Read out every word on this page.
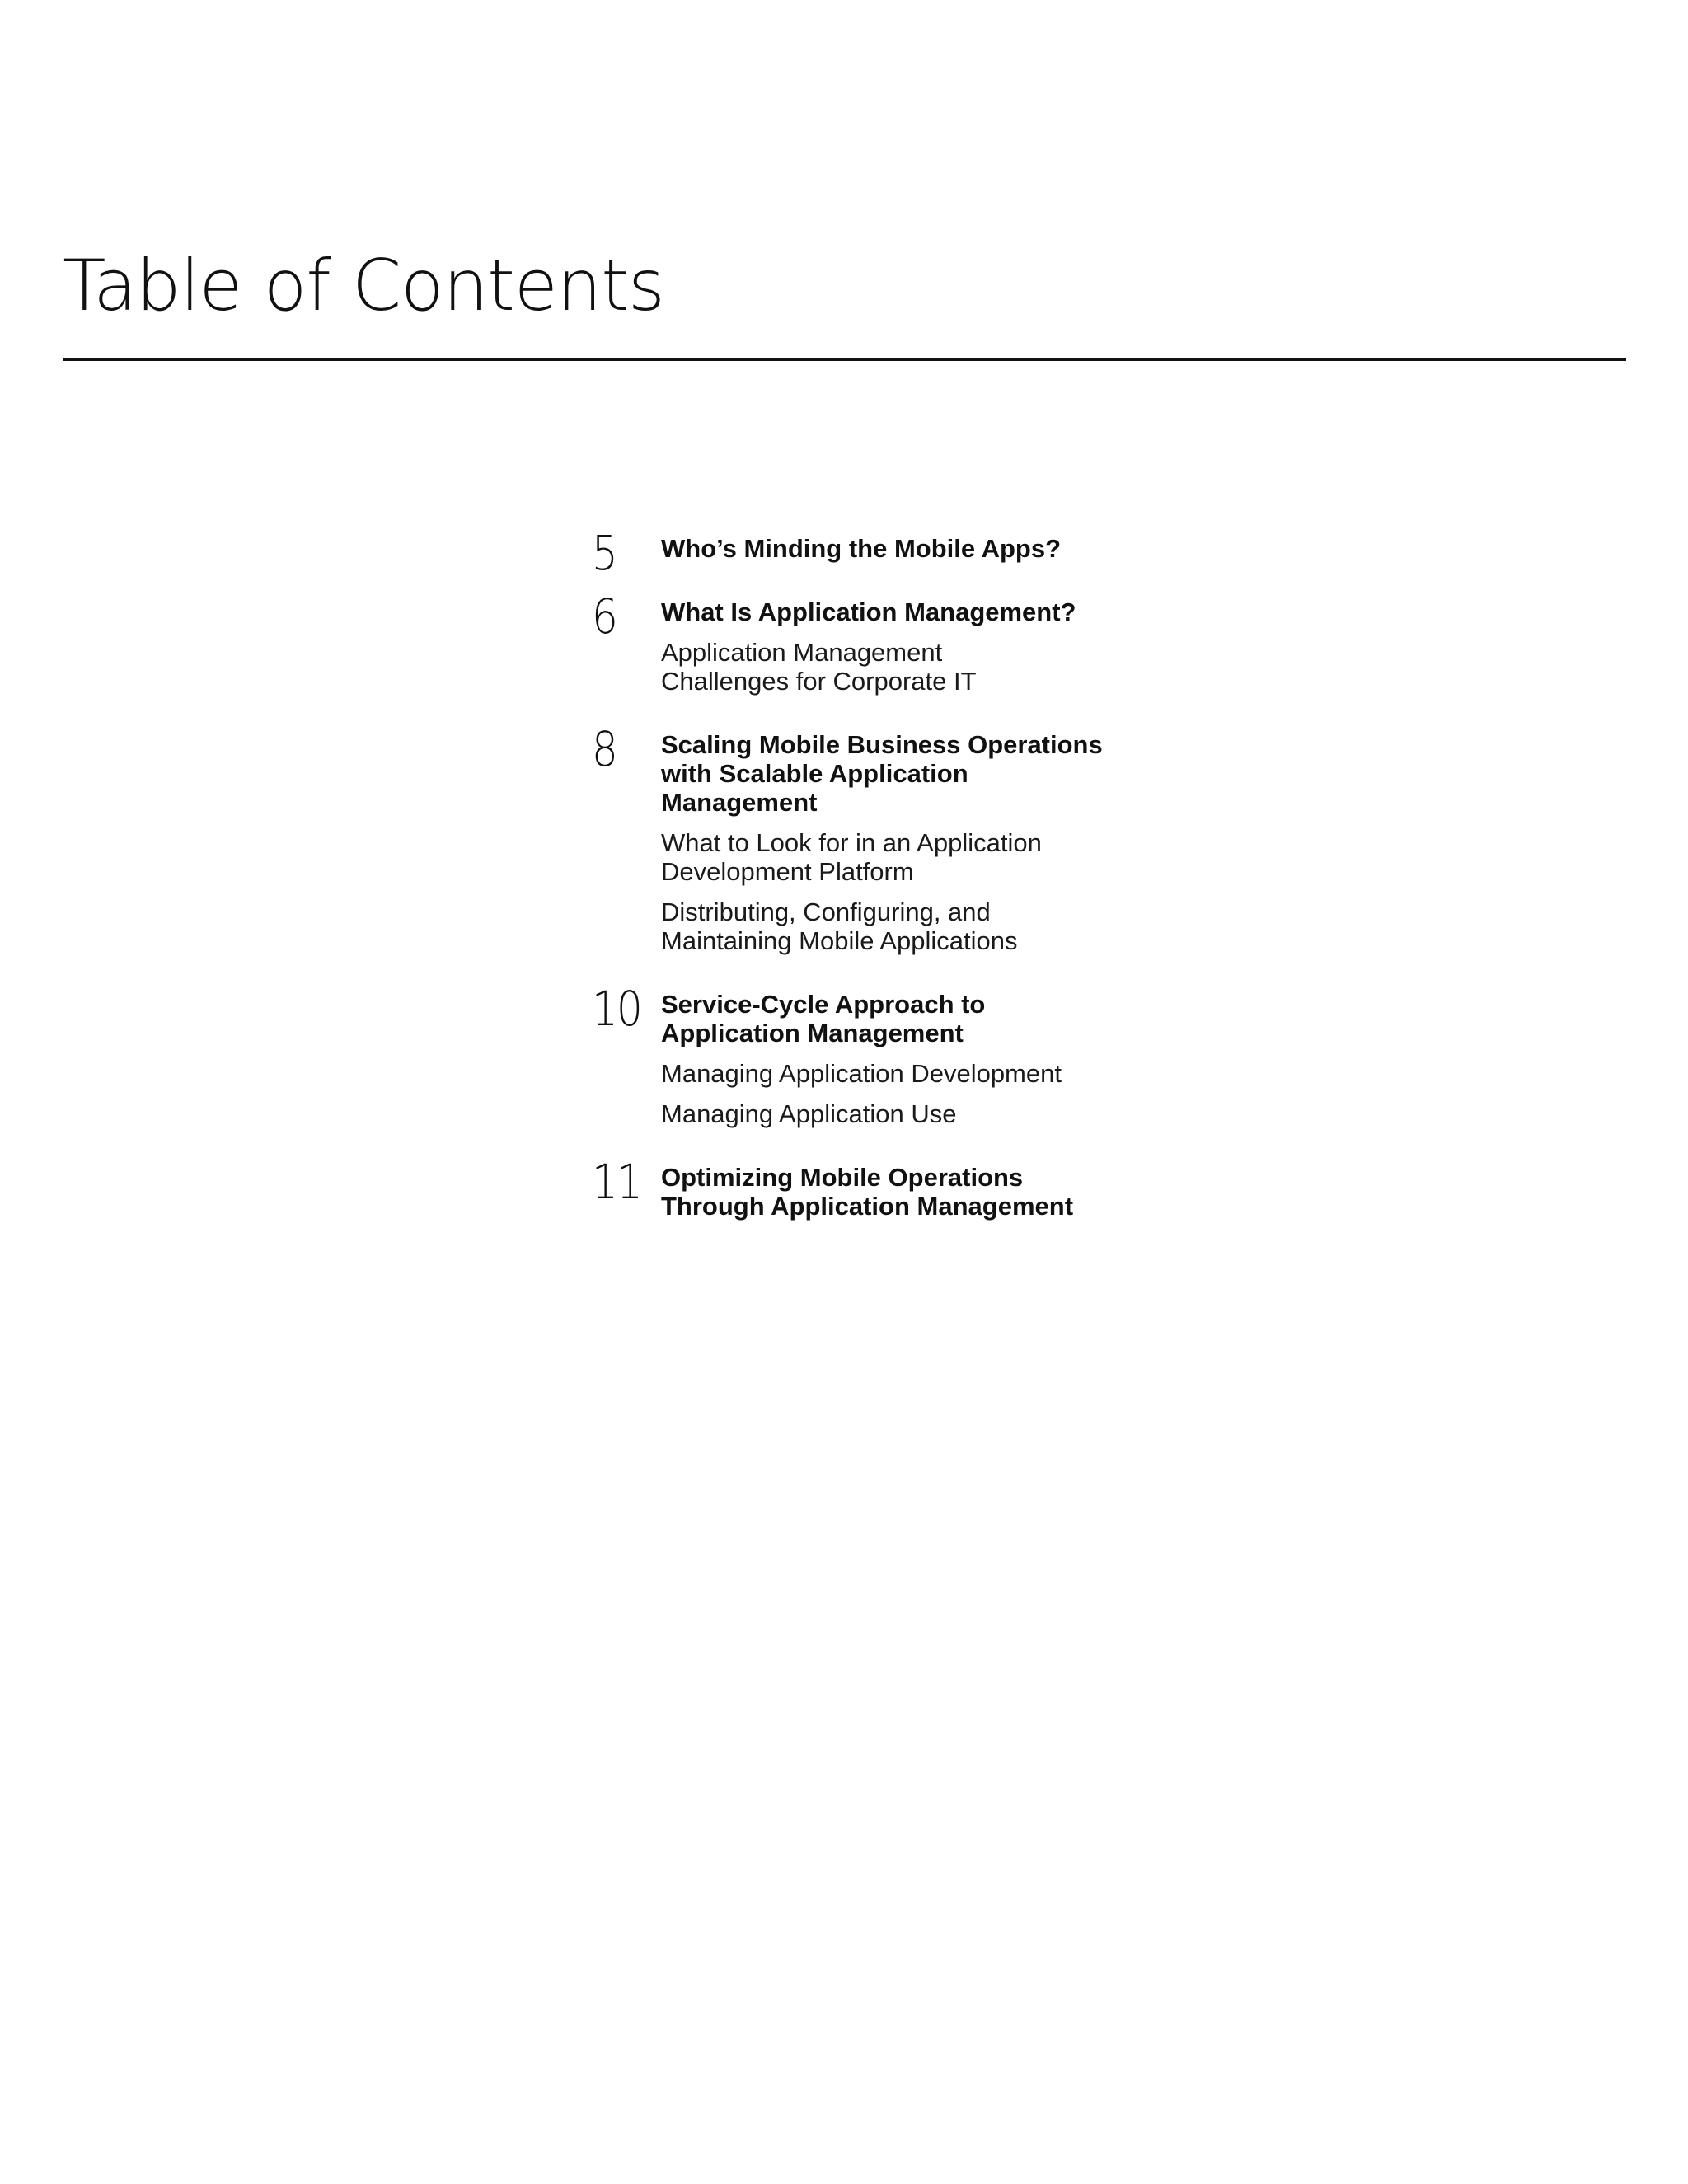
Table of Contents
5 Who’s Minding the Mobile Apps?
6 What Is Application Management?
Application Management
Challenges for Corporate IT
8 Scaling Mobile Business Operations
with Scalable Application
Management
What to Look for in an Application
Development Platform
Distributing, Configuring, and
Maintaining Mobile Applications
10 Service-Cycle Approach to
Application Management
Managing Application Development
Managing Application Use
11 Optimizing Mobile Operations
Through Application Management
